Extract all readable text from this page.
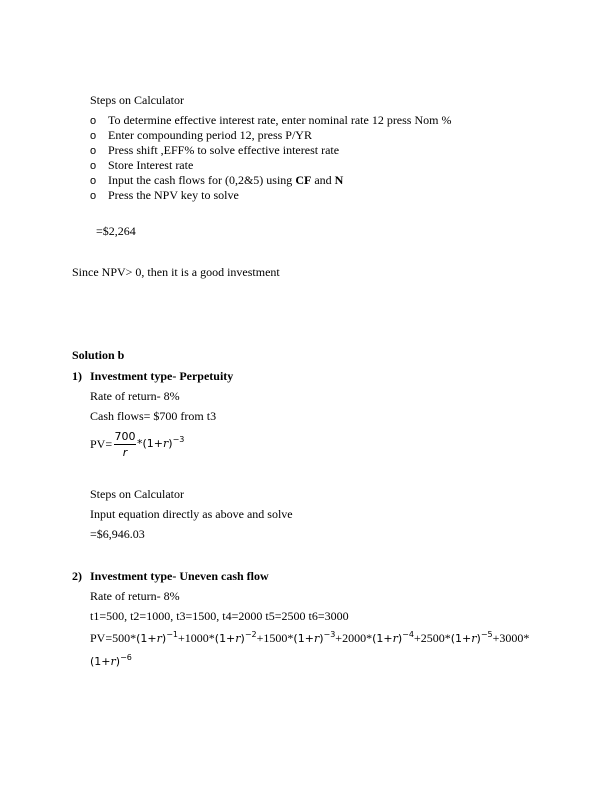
Steps on Calculator
o To determine effective interest rate, enter nominal rate 12 press Nom %
o Enter compounding period 12, press P/YR
o Press shift ,EFF% to solve effective interest rate
o Store Interest rate
o Input the cash flows for (0,2&5) using CF and N
o Press the NPV key to solve
=$2,264
Since NPV> 0, then it is a good investment
Solution b
1) Investment type- Perpetuity
Rate of return- 8%
Cash flows= $700 from t3
PV=
700
r
$*(1+r)^{-3}$
Steps on Calculator
Input equation directly as above and solve
=$6,946.03
2) Investment type- Uneven cash flow
Rate of return- 8%
t1=500, t2=1000, t3=1500, t4=2000 t5=2500 t6=3000
$PV=500*(1+r)^{-1}+1000*(1+r)^{-2}+1500*(1+r)^{-3}+2000*(1+r)^{-4}+2500*(1+r)^{-5}+3000*$
$(1+r)^{-6}$
